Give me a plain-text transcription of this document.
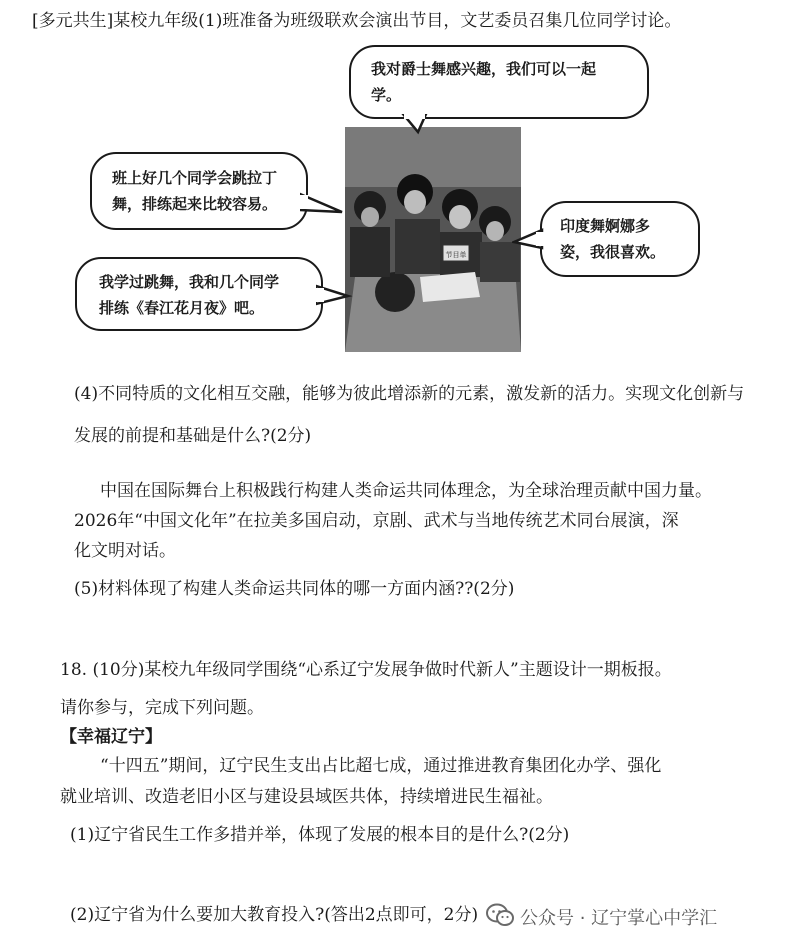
[多元共生]某校九年级(1)班准备为班级联欢会演出节目，文艺委员召集几位同学讨论。
节目单
我对爵士舞感兴趣，我们可以一起
学。
班上好几个同学会跳拉丁
舞，排练起来比较容易。
我学过跳舞，我和几个同学
排练《春江花月夜》吧。
印度舞婀娜多
姿，我很喜欢。
(4)不同特质的文化相互交融，能够为彼此增添新的元素，激发新的活力。实现文化创新与
发展的前提和基础是什么?(2分)
中国在国际舞台上积极践行构建人类命运共同体理念，为全球治理贡献中国力量。
2026年“中国文化年”在拉美多国启动，京剧、武术与当地传统艺术同台展演，深
化文明对话。
(5)材料体现了构建人类命运共同体的哪一方面内涵??(2分)
18. (10分)某校九年级同学围绕“心系辽宁发展争做时代新人”主题设计一期板报。
请你参与，完成下列问题。
【幸福辽宁】
“十四五”期间，辽宁民生支出占比超七成，通过推进教育集团化办学、强化
就业培训、改造老旧小区与建设县域医共体，持续增进民生福祉。
(1)辽宁省民生工作多措并举，体现了发展的根本目的是什么?(2分)
(2)辽宁省为什么要加大教育投入?(答出2点即可，2分) 公众号 · 辽宁掌心中学汇
